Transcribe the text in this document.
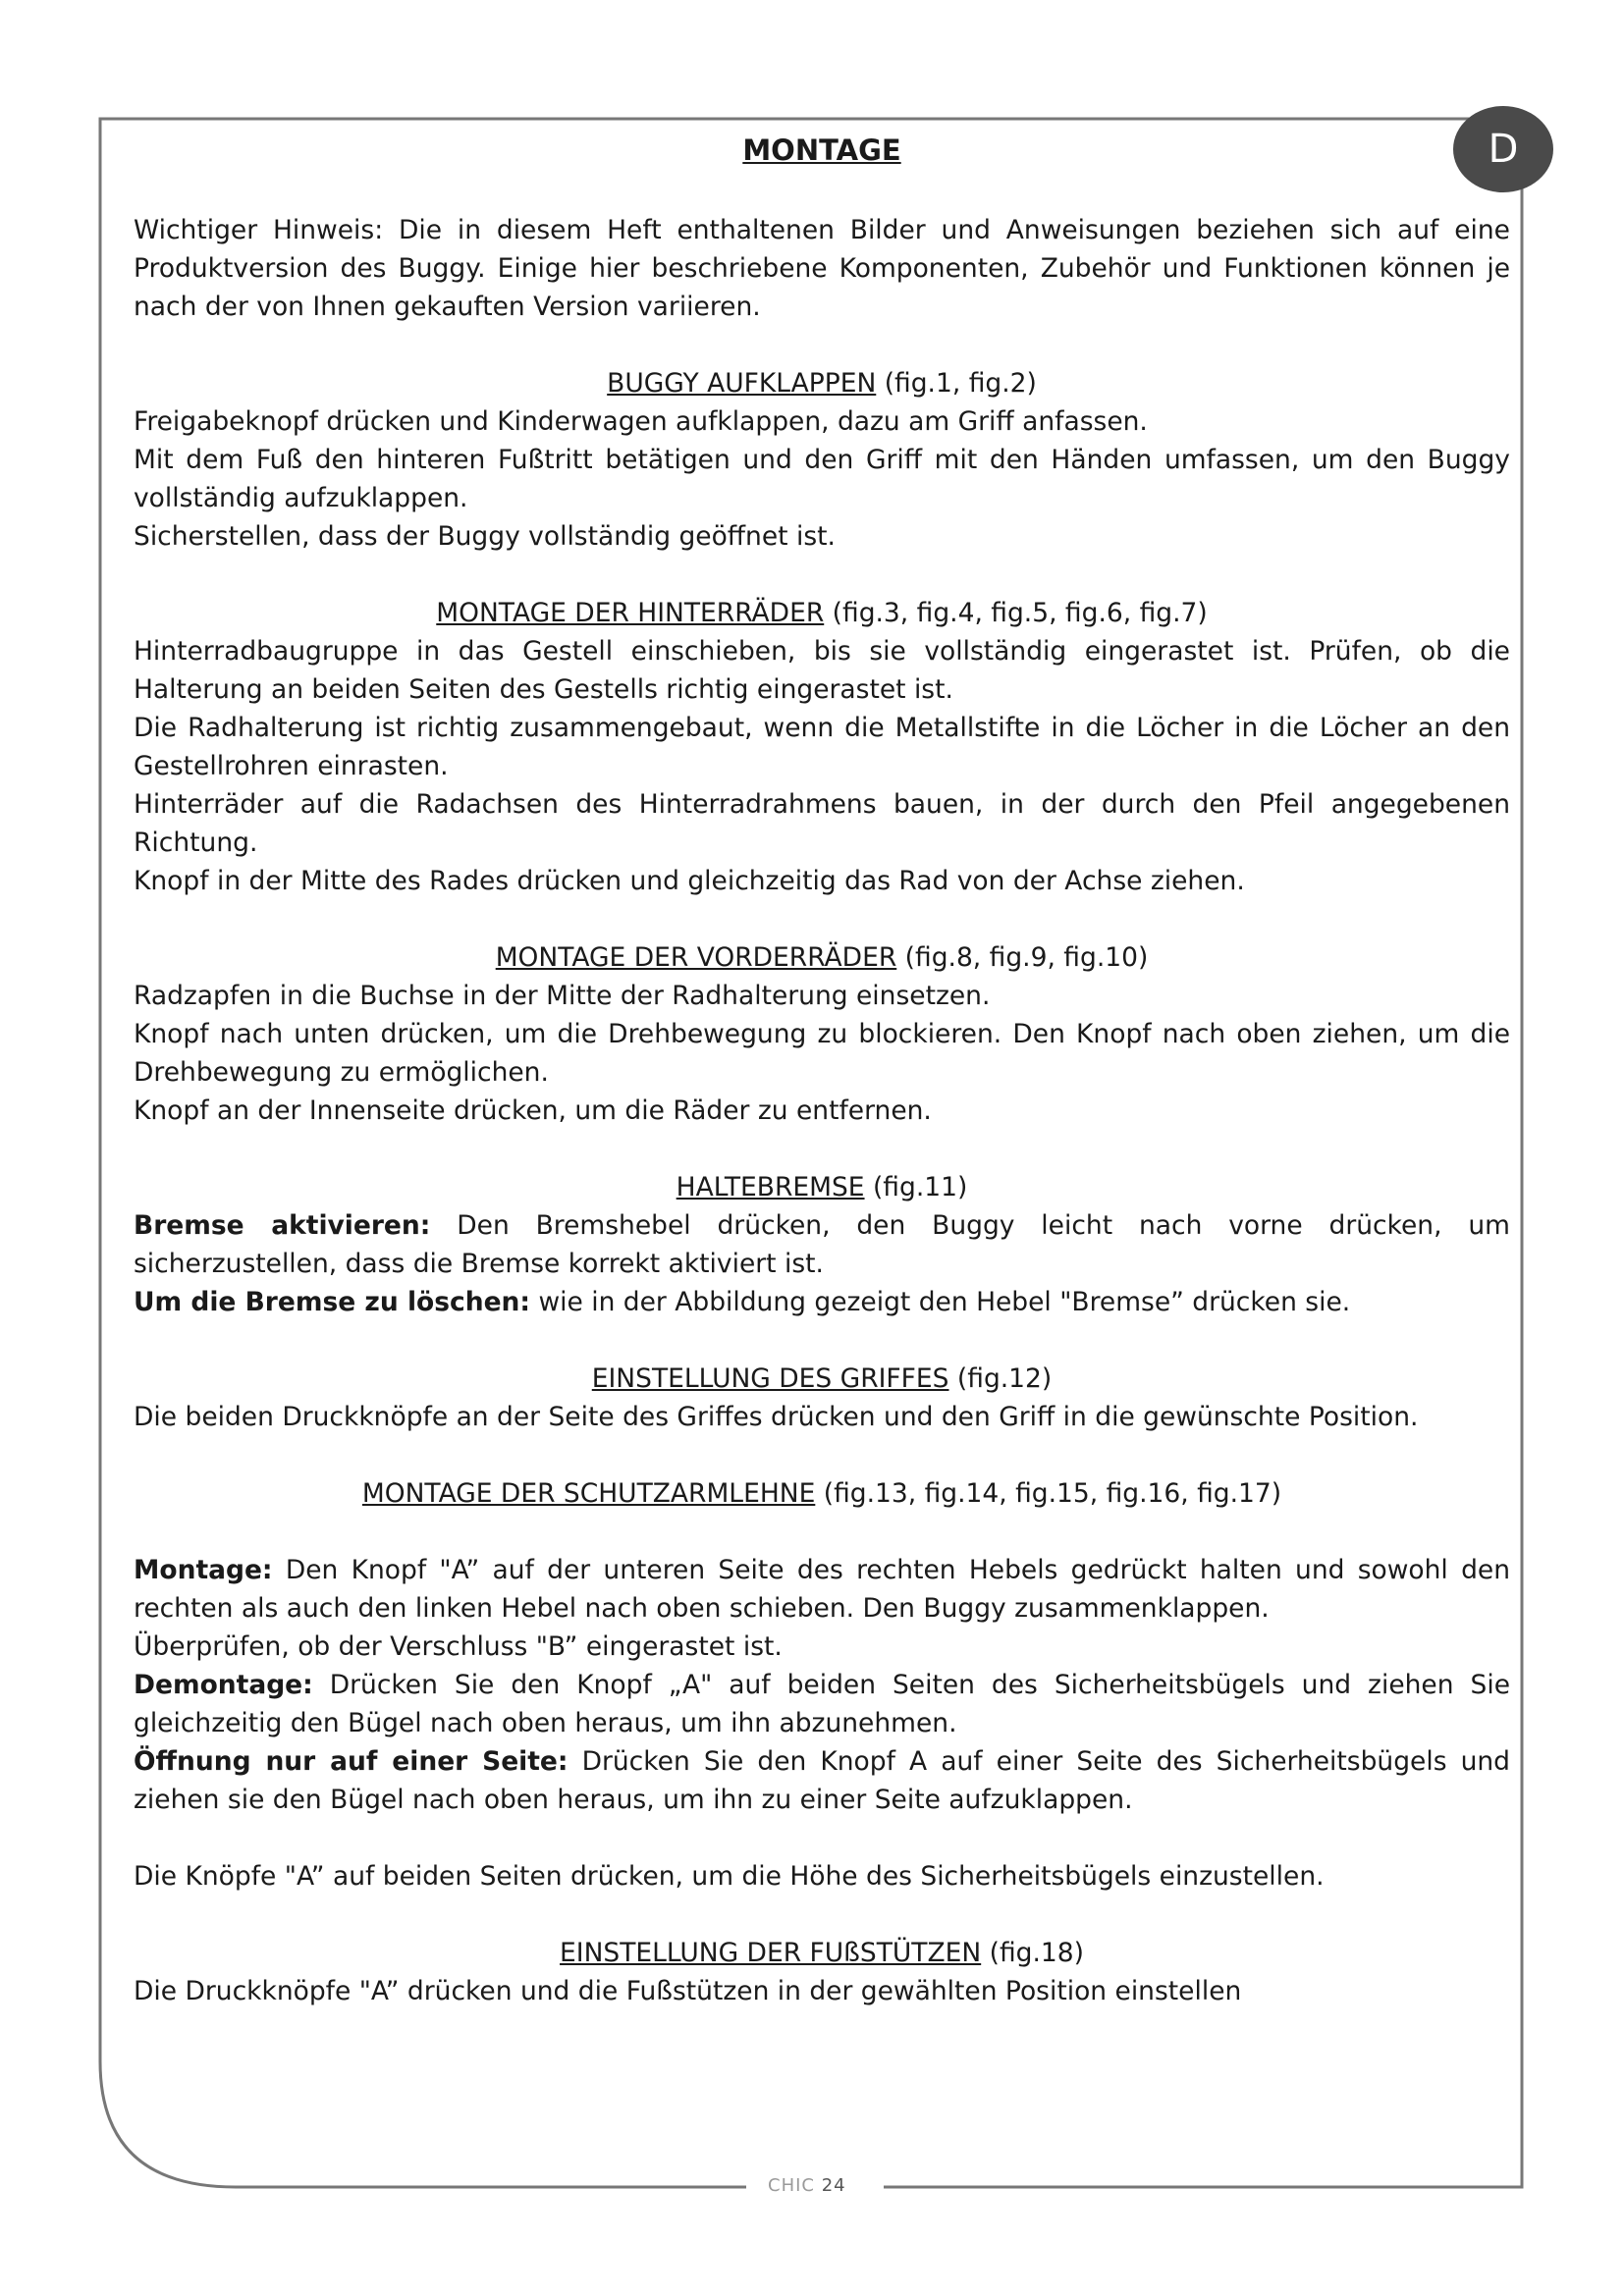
D

MONTAGE

Wichtiger Hinweis: Die in diesem Heft enthaltenen Bilder und Anweisungen beziehen sich auf eine Produktversion des Buggy. Einige hier beschriebene Komponenten, Zubehör und Funktionen können je nach der von Ihnen gekauften Version variieren.

BUGGY AUFKLAPPEN (fig.1, fig.2)

Freigabeknopf drücken und Kinderwagen aufklappen, dazu am Griff anfassen.

Mit dem Fuß den hinteren Fußtritt betätigen und den Griff mit den Händen umfassen, um den Buggy vollständig aufzuklappen.

Sicherstellen, dass der Buggy vollständig geöffnet ist.

MONTAGE DER HINTERRÄDER (fig.3, fig.4, fig.5, fig.6, fig.7)

Hinterradbaugruppe in das Gestell einschieben, bis sie vollständig eingerastet ist. Prüfen, ob die Halterung an beiden Seiten des Gestells richtig eingerastet ist.

Die Radhalterung ist richtig zusammengebaut, wenn die Metallstifte in die Löcher in die Löcher an den Gestellrohren einrasten.

Hinterräder auf die Radachsen des Hinterradrahmens bauen, in der durch den Pfeil angegebenen Richtung.

Knopf in der Mitte des Rades drücken und gleichzeitig das Rad von der Achse ziehen.

MONTAGE DER VORDERRÄDER (fig.8, fig.9, fig.10)

Radzapfen in die Buchse in der Mitte der Radhalterung einsetzen.

Knopf nach unten drücken, um die Drehbewegung zu blockieren. Den Knopf nach oben ziehen, um die Drehbewegung zu ermöglichen.

Knopf an der Innenseite drücken, um die Räder zu entfernen.

HALTEBREMSE (fig.11)

Bremse aktivieren: Den Bremshebel drücken, den Buggy leicht nach vorne drücken, um sicherzustellen, dass die Bremse korrekt aktiviert ist.

Um die Bremse zu löschen: wie in der Abbildung gezeigt den Hebel "Bremse” drücken sie.

EINSTELLUNG DES GRIFFES (fig.12)

Die beiden Druckknöpfe an der Seite des Griffes drücken und den Griff in die gewünschte Position.

MONTAGE DER SCHUTZARMLEHNE (fig.13, fig.14, fig.15, fig.16, fig.17)

Montage: Den Knopf "A” auf der unteren Seite des rechten Hebels gedrückt halten und sowohl den rechten als auch den linken Hebel nach oben schieben. Den Buggy zusammenklappen.

Überprüfen, ob der Verschluss "B” eingerastet ist.

Demontage: Drücken Sie den Knopf „A" auf beiden Seiten des Sicherheitsbügels und ziehen Sie gleichzeitig den Bügel nach oben heraus, um ihn abzunehmen.

Öffnung nur auf einer Seite: Drücken Sie den Knopf A auf einer Seite des Sicherheitsbügels und ziehen sie den Bügel nach oben heraus, um ihn zu einer Seite aufzuklappen.

Die Knöpfe "A” auf beiden Seiten drücken, um die Höhe des Sicherheitsbügels einzustellen.

EINSTELLUNG DER FUßSTÜTZEN (fig.18)

Die Druckknöpfe "A” drücken und die Fußstützen in der gewählten Position einstellen

CHIC 24
